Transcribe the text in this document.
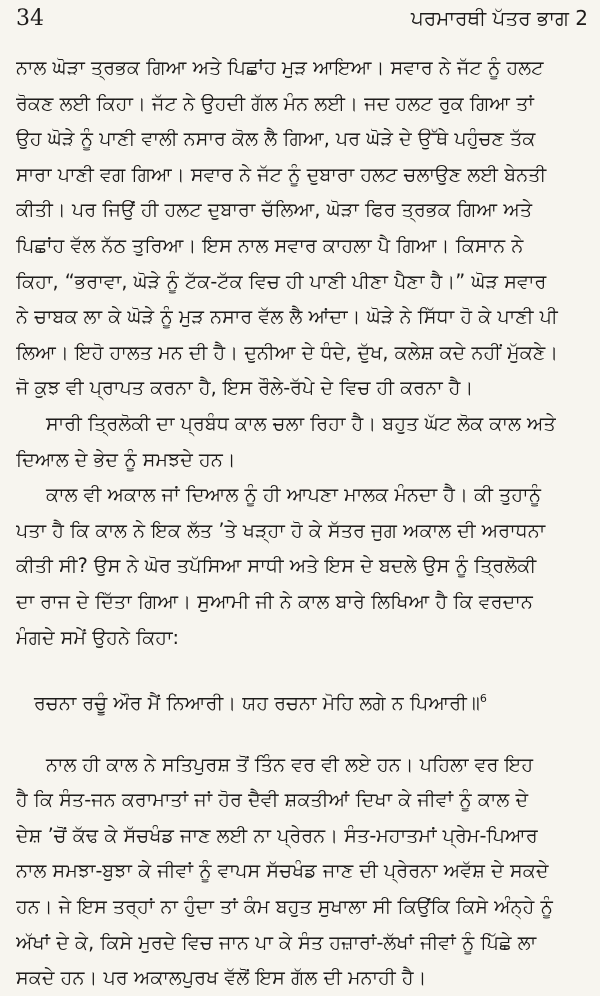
34	ਪਰਮਾਰਥੀ ਪੱਤਰ ਭਾਗ 2
ਨਾਲ ਘੋੜਾ ਤ੍ਰਭਕ ਗਿਆ ਅਤੇ ਪਿਛਾਂਹ ਮੁੜ ਆਇਆ। ਸਵਾਰ ਨੇ ਜੱਟ ਨੂੰ ਹਲਟ
ਰੋਕਣ ਲਈ ਕਿਹਾ। ਜੱਟ ਨੇ ਉਹਦੀ ਗੱਲ ਮੰਨ ਲਈ। ਜਦ ਹਲਟ ਰੁਕ ਗਿਆ ਤਾਂ
ਉਹ ਘੋੜੇ ਨੂੰ ਪਾਣੀ ਵਾਲੀ ਨਸਾਰ ਕੋਲ ਲੈ ਗਿਆ, ਪਰ ਘੋੜੇ ਦੇ ਉੱਥੇ ਪਹੁੰਚਣ ਤੱਕ
ਸਾਰਾ ਪਾਣੀ ਵਗ ਗਿਆ। ਸਵਾਰ ਨੇ ਜੱਟ ਨੂੰ ਦੁਬਾਰਾ ਹਲਟ ਚਲਾਉਣ ਲਈ ਬੇਨਤੀ
ਕੀਤੀ। ਪਰ ਜਿਉਂ ਹੀ ਹਲਟ ਦੁਬਾਰਾ ਚੱਲਿਆ, ਘੋੜਾ ਫਿਰ ਤ੍ਰਭਕ ਗਿਆ ਅਤੇ
ਪਿਛਾਂਹ ਵੱਲ ਨੱਠ ਤੁਰਿਆ। ਇਸ ਨਾਲ ਸਵਾਰ ਕਾਹਲਾ ਪੈ ਗਿਆ। ਕਿਸਾਨ ਨੇ
ਕਿਹਾ, “ਭਰਾਵਾ, ਘੋੜੇ ਨੂੰ ਟੱਕ-ਟੱਕ ਵਿਚ ਹੀ ਪਾਣੀ ਪੀਣਾ ਪੈਣਾ ਹੈ।” ਘੋੜ ਸਵਾਰ
ਨੇ ਚਾਬਕ ਲਾ ਕੇ ਘੋੜੇ ਨੂੰ ਮੁੜ ਨਸਾਰ ਵੱਲ ਲੈ ਆਂਦਾ। ਘੋੜੇ ਨੇ ਸਿੱਧਾ ਹੋ ਕੇ ਪਾਣੀ ਪੀ
ਲਿਆ। ਇਹੋ ਹਾਲਤ ਮਨ ਦੀ ਹੈ। ਦੁਨੀਆ ਦੇ ਧੰਦੇ, ਦੁੱਖ, ਕਲੇਸ਼ ਕਦੇ ਨਹੀਂ ਮੁੱਕਣੇ।
ਜੋ ਕੁਝ ਵੀ ਪ੍ਰਾਪਤ ਕਰਨਾ ਹੈ, ਇਸ ਰੌਲੇ-ਰੱਪੇ ਦੇ ਵਿਚ ਹੀ ਕਰਨਾ ਹੈ।
ਸਾਰੀ ਤ੍ਰਿਲੋਕੀ ਦਾ ਪ੍ਰਬੰਧ ਕਾਲ ਚਲਾ ਰਿਹਾ ਹੈ। ਬਹੁਤ ਘੱਟ ਲੋਕ ਕਾਲ ਅਤੇ
ਦਿਆਲ ਦੇ ਭੇਦ ਨੂੰ ਸਮਝਦੇ ਹਨ।
ਕਾਲ ਵੀ ਅਕਾਲ ਜਾਂ ਦਿਆਲ ਨੂੰ ਹੀ ਆਪਣਾ ਮਾਲਕ ਮੰਨਦਾ ਹੈ। ਕੀ ਤੁਹਾਨੂੰ
ਪਤਾ ਹੈ ਕਿ ਕਾਲ ਨੇ ਇਕ ਲੱਤ ’ਤੇ ਖੜ੍ਹਾ ਹੋ ਕੇ ਸੱਤਰ ਜੁਗ ਅਕਾਲ ਦੀ ਅਰਾਧਨਾ
ਕੀਤੀ ਸੀ? ਉਸ ਨੇ ਘੋਰ ਤਪੱਸਿਆ ਸਾਧੀ ਅਤੇ ਇਸ ਦੇ ਬਦਲੇ ਉਸ ਨੂੰ ਤ੍ਰਿਲੋਕੀ
ਦਾ ਰਾਜ ਦੇ ਦਿੱਤਾ ਗਿਆ। ਸੁਆਮੀ ਜੀ ਨੇ ਕਾਲ ਬਾਰੇ ਲਿਖਿਆ ਹੈ ਕਿ ਵਰਦਾਨ
ਮੰਗਦੇ ਸਮੇਂ ਉਹਨੇ ਕਿਹਾ:
ਰਚਨਾ ਰਚੂੰ ਔਰ ਮੈਂ ਨਿਆਰੀ। ਯਹ ਰਚਨਾ ਮੋਹਿ ਲਗੇ ਨ ਪਿਆਰੀ॥$^6$
ਨਾਲ ਹੀ ਕਾਲ ਨੇ ਸਤਿਪੁਰਸ਼ ਤੋਂ ਤਿੰਨ ਵਰ ਵੀ ਲਏ ਹਨ। ਪਹਿਲਾ ਵਰ ਇਹ
ਹੈ ਕਿ ਸੰਤ-ਜਨ ਕਰਾਮਾਤਾਂ ਜਾਂ ਹੋਰ ਦੈਵੀ ਸ਼ਕਤੀਆਂ ਦਿਖਾ ਕੇ ਜੀਵਾਂ ਨੂੰ ਕਾਲ ਦੇ
ਦੇਸ਼ ’ਚੋਂ ਕੱਢ ਕੇ ਸੱਚਖੰਡ ਜਾਣ ਲਈ ਨਾ ਪ੍ਰੇਰਨ। ਸੰਤ-ਮਹਾਤਮਾਂ ਪ੍ਰੇਮ-ਪਿਆਰ
ਨਾਲ ਸਮਝਾ-ਬੁਝਾ ਕੇ ਜੀਵਾਂ ਨੂੰ ਵਾਪਸ ਸੱਚਖੰਡ ਜਾਣ ਦੀ ਪ੍ਰੇਰਨਾ ਅਵੱਸ਼ ਦੇ ਸਕਦੇ
ਹਨ। ਜੇ ਇਸ ਤਰ੍ਹਾਂ ਨਾ ਹੁੰਦਾ ਤਾਂ ਕੰਮ ਬਹੁਤ ਸੁਖਾਲਾ ਸੀ ਕਿਉਂਕਿ ਕਿਸੇ ਅੰਨ੍ਹੇ ਨੂੰ
ਅੱਖਾਂ ਦੇ ਕੇ, ਕਿਸੇ ਮੁਰਦੇ ਵਿਚ ਜਾਨ ਪਾ ਕੇ ਸੰਤ ਹਜ਼ਾਰਾਂ-ਲੱਖਾਂ ਜੀਵਾਂ ਨੂੰ ਪਿੱਛੇ ਲਾ
ਸਕਦੇ ਹਨ। ਪਰ ਅਕਾਲਪੁਰਖ ਵੱਲੋਂ ਇਸ ਗੱਲ ਦੀ ਮਨਾਹੀ ਹੈ।
